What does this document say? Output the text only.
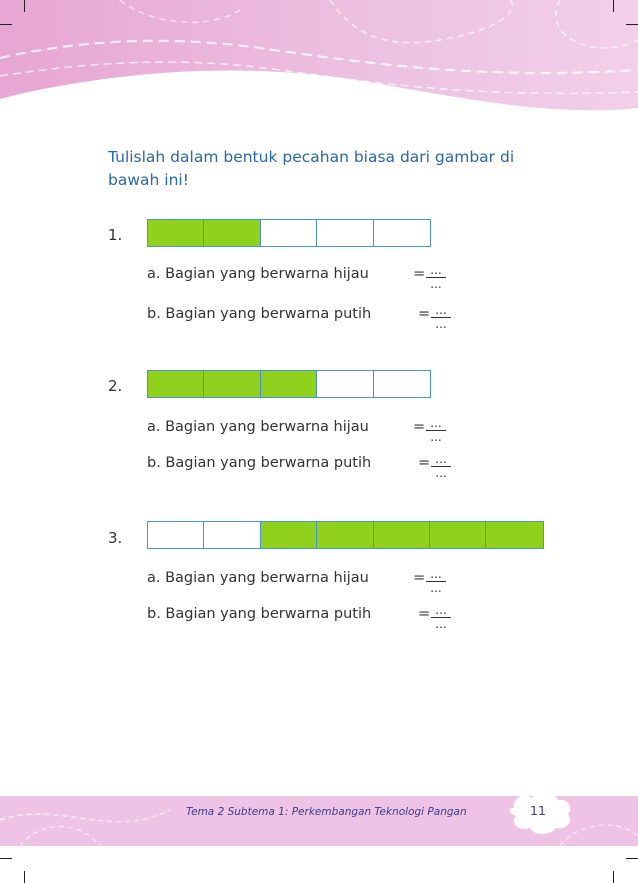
Tulislah dalam bentuk pecahan biasa dari gambar di bawah ini!
1.
a. Bagian yang berwarna hijau	= ...
...
b. Bagian yang berwarna putih	= ...
...
2.
a. Bagian yang berwarna hijau	= ...
...
b. Bagian yang berwarna putih	= ...
...
3.
a. Bagian yang berwarna hijau	= ...
...
b. Bagian yang berwarna putih	= ...
...
Tema 2 Subtema 1: Perkembangan Teknologi Pangan	11
